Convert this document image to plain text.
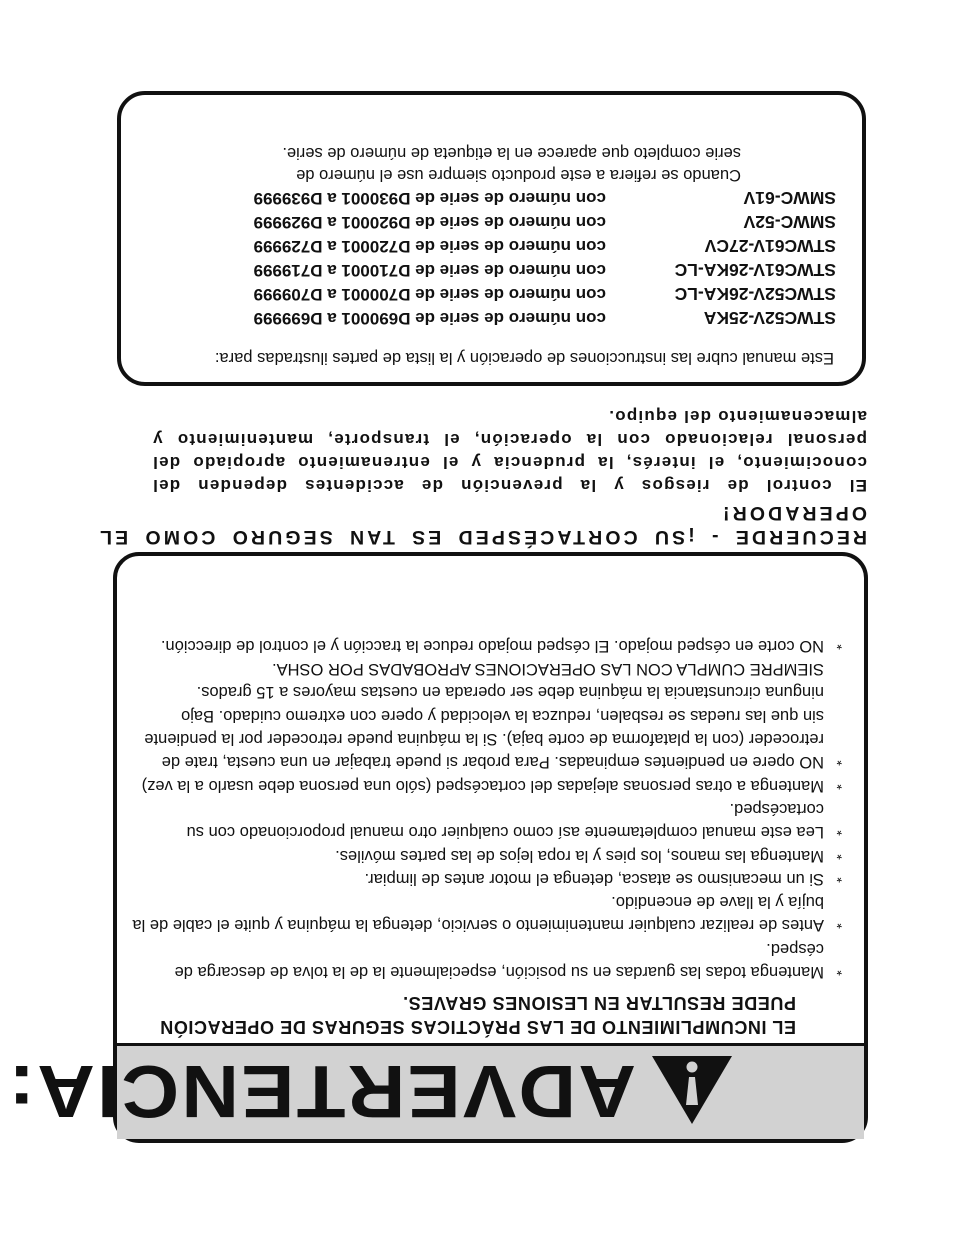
Este manual cubre las instrucciones de operación y la lista de partes ilustradas para:

STWC52V-25KA
con número de serie de D690001 a D699999
STWC52V-26KA-LC
con número de serie de D700001 a D709999
STWC61V-26KA-LC
con número de serie de D710001 a D719999
STWC61V-27CV
con número de serie de D720001 a D729999
SMWC-52V
con número de serie de D920001 a D929999
SMWC-61V
con número de serie de D930001 a D939999

Cuando se refiera a este producto siempre use el número de serie completo que aparece en la etiqueta de número de serie.

RECUERDE - ¡SU CORTACÉSPED ES TAN SEGURO COMO EL OPERADOR!

El control de riesgos y la prevención de accidentes dependen del conocimiento, el interés, la prudencia y el entrenamiento apropiado del personal relacionado con la operación, el transporte, mantenimiento y almacenamiento del equipo.

ADVERTENCIA:

EL INCUMPLIMIENTO DE LAS PRÁCTICAS SEGURAS DE OPERACIÓN PUEDE RESULTAR EN LESIONES GRAVES.

*
Mantenga todas las guardas en su posición, especialmente la de la tolva de descarga de césped.
*
Antes de realizar cualquier mantenimiento o servicio, detenga la máquina y quite el cable de la bujía y la llave de encendido.
*
Si un mecanismo se atasca, detenga el motor antes de limpiar.
*
Mantenga las manos, los pies y la ropa lejos de las partes móviles.
*
Lea este manual completamente así como cualquier otro manual proporcionado con su cortacésped.
*
Mantenga a otras personas alejadas del cortacésped (sólo una persona debe usarlo a la vez)
*
NO opere en pendientes empinadas. Para probar si puede trabajar en una cuesta, trate de retroceder (con la plataforma de corte baja). Si la máquina puede retroceder por la pendiente sin que las ruedas se resbalen, reduzca la velocidad y opere con extremo cuidado. Bajo ninguna circunstancia la máquina debe ser operada en cuestas mayores a 15 grados. SIEMPRE CUMPLA CON LAS OPERACIONES APROBADAS POR OSHA.
*
NO corte en césped mojado. El césped mojado reduce la tracción y el control de dirección.
